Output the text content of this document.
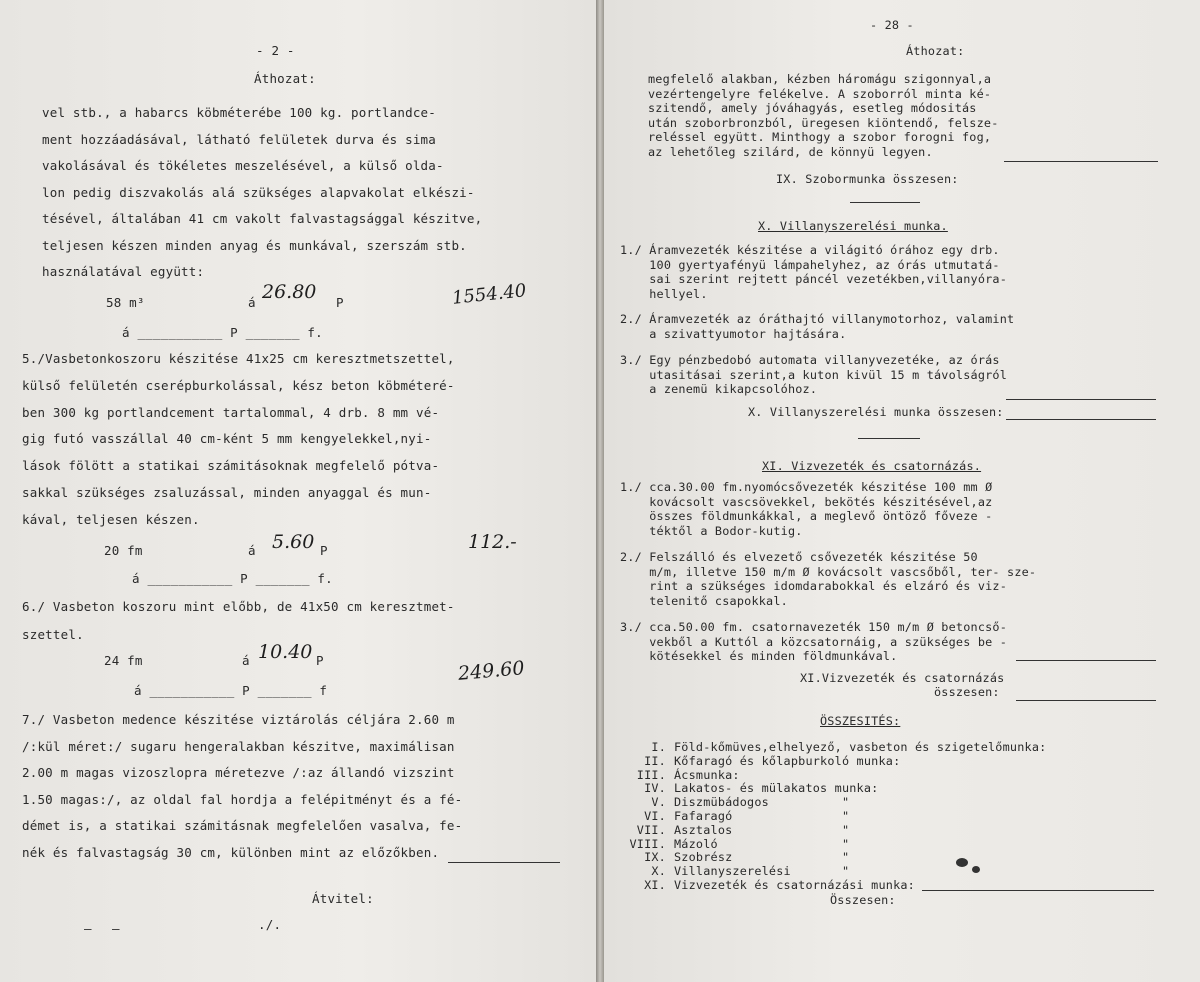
- 2 -
Áthozat:
vel stb., a habarcs köbméterébe 100 kg. portlandce-
ment hozzáadásával, látható felületek durva és sima
vakolásával és tökéletes meszelésével, a külső olda-
lon pedig diszvakolás alá szükséges alapvakolat elkészi-
tésével, általában 41 cm vakolt falvastagsággal készitve,
teljesen készen minden anyag és munkával, szerszám stb.
használatával együtt:
58 m³	á 26.80 P	1554.40
á ___________ P _______ f.
5./Vasbetonkoszoru készitése 41x25 cm keresztmetszettel,
külső felületén cserépburkolással, kész beton köbméteré-
ben 300 kg portlandcement tartalommal, 4 drb. 8 mm vé-
gig futó vasszállal 40 cm-ként 5 mm kengyelekkel,nyi-
lások fölött a statikai számitásoknak megfelelő pótva-
sakkal szükséges zsaluzással, minden anyaggal és mun-
kával, teljesen készen.
20 fm	á 5.60 P	112.-
á ___________ P _______ f.
6./ Vasbeton koszoru mint előbb, de 41x50 cm keresztmet-
szettel.
24 fm	á 10.40 P	249.60
á ___________ P _______ f
7./ Vasbeton medence készitése viztárolás céljára 2.60 m
/:kül méret:/ sugaru hengeralakban készitve, maximálisan
2.00 m magas vizoszlopra méretezve /:az állandó vizszint
1.50 magas:/, az oldal fal hordja a felépitményt és a fé-
démet is, a statikai számitásnak megfelelően vasalva, fe-
nék és falvastagság 30 cm, különben mint az előzőkben.
Átvitel:
— —	./.
- 28 -
Áthozat:
megfelelő alakban, kézben háromágu szigonnyal,a
vezértengelyre felékelve. A szoborról minta ké-
szitendő, amely jóváhagyás, esetleg módositás
után szoborbronzból, üregesen kiöntendő, felsze-
reléssel együtt. Minthogy a szobor forogni fog,
az lehetőleg szilárd, de könnyü legyen.
IX. Szobormunka összesen:
X. Villanyszerelési munka.
1./ Áramvezeték készitése a világitó órához egy drb.
100 gyertyafényü lámpahelyhez, az órás utmutatá-
sai szerint rejtett páncél vezetékben,villanyóra-
hellyel.
2./ Áramvezeték az óráthajtó villanymotorhoz, valamint
a szivattyumotor hajtására.
3./ Egy pénzbedobó automata villanyvezetéke, az órás
utasitásai szerint,a kuton kivül 15 m távolságról
a zenemü kikapcsolóhoz.
X. Villanyszerelési munka összesen:
XI. Vizvezeték és csatornázás.
1./ cca.30.00 fm.nyomócsővezeték készitése 100 mm Ø
kovácsolt vascsövekkel, bekötés készitésével,az
összes földmunkákkal, a meglevő öntöző fővezе -
téktől a Bodor-kutig.
2./ Felszálló és elvezető csővezeték készitése 50
m/m, illetve 150 m/m Ø kovácsolt vascsőből, ter- sze-
rint a szükséges idomdarabokkal és elzáró és viz-
telenitő csapokkal.
3./ cca.50.00 fm. csatornavezeték 150 m/m Ø betoncső-
vekből a Kuttól a közcsatornáig, a szükséges be -
kötésekkel és minden földmunkával.
XI.Vizvezeték és csatornázás
összesen:
ÖSSZESITÉS:
I. Föld-kőmüves,elhelyező, vasbeton és szigetelőmunka:
II. Kőfaragó és kőlapburkoló munka:
III. Ácsmunka:
IV. Lakatos- és mülakatos munka:
V. Diszmübádogos	"
VI. Fafaragó	"
VII. Asztalos	"
VIII. Mázoló	"
IX. Szobrész	"
X. Villanyszerelési	"
XI. Vizvezeték és csatornázási munka:
Összesen:
